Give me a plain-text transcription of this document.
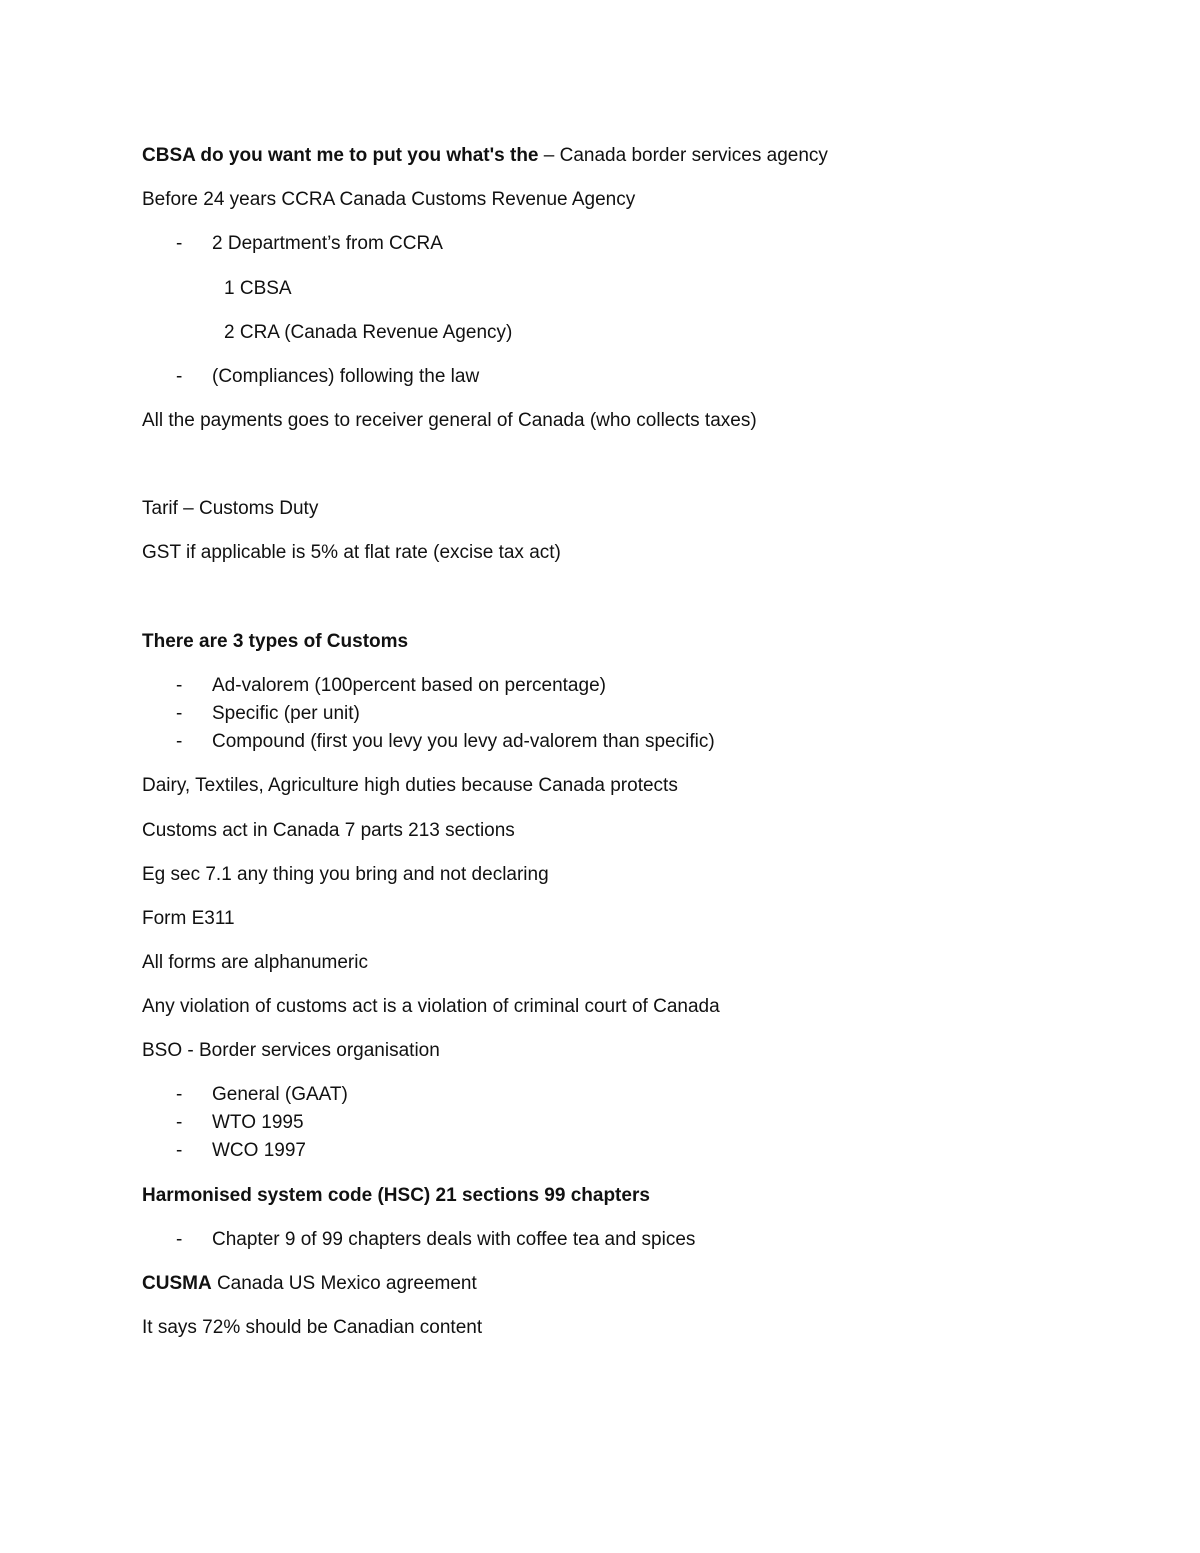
CBSA do you want me to put you what's the – Canada border services agency
Before 24 years CCRA Canada Customs Revenue Agency
- 2 Department’s from CCRA
1 CBSA
2 CRA (Canada Revenue Agency)
- (Compliances) following the law
All the payments goes to receiver general of Canada (who collects taxes)
Tarif – Customs Duty
GST if applicable is 5% at flat rate (excise tax act)
There are 3 types of Customs
- Ad-valorem (100percent based on percentage)
- Specific (per unit)
- Compound (first you levy you levy ad-valorem than specific)
Dairy, Textiles, Agriculture high duties because Canada protects
Customs act in Canada 7 parts 213 sections
Eg sec 7.1 any thing you bring and not declaring
Form E311
All forms are alphanumeric
Any violation of customs act is a violation of criminal court of Canada
BSO - Border services organisation
- General (GAAT)
- WTO 1995
- WCO 1997
Harmonised system code (HSC) 21 sections 99 chapters
- Chapter 9 of 99 chapters deals with coffee tea and spices
CUSMA Canada US Mexico agreement
It says 72% should be Canadian content
